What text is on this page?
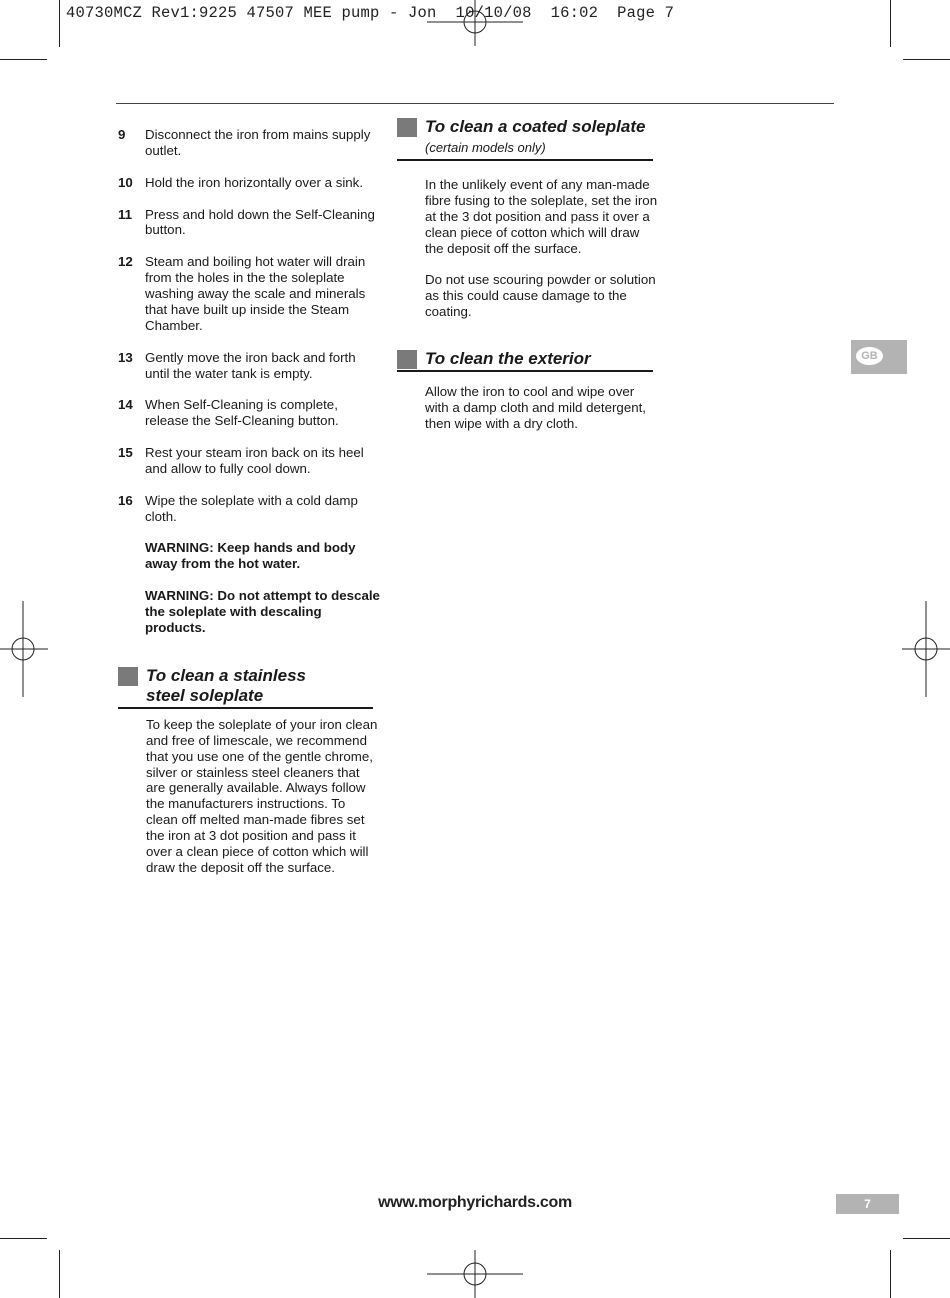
40730MCZ Rev1:9225 47507 MEE pump - Jon  10/10/08  16:02  Page 7
9	Disconnect the iron from mains supply outlet.
10 Hold the iron horizontally over a sink.
11 Press and hold down the Self-Cleaning button.
12 Steam and boiling hot water will drain from the holes in the the soleplate washing away the scale and minerals that have built up inside the Steam Chamber.
13 Gently move the iron back and forth until the water tank is empty.
14 When Self-Cleaning is complete, release the Self-Cleaning button.
15 Rest your steam iron back on its heel and allow to fully cool down.
16 Wipe the soleplate with a cold damp cloth.
WARNING: Keep hands and body away from the hot water.
WARNING: Do not attempt to descale the soleplate with descaling products.
To clean a stainless steel soleplate
To keep the soleplate of your iron clean and free of limescale, we recommend that you use one of the gentle chrome, silver or stainless steel cleaners that are generally available. Always follow the manufacturers instructions. To clean off melted man-made fibres set the iron at 3 dot position and pass it over a clean piece of cotton which will draw the deposit off the surface.
To clean a coated soleplate (certain models only)
In the unlikely event of any man-made fibre fusing to the soleplate, set the iron at the 3 dot position and pass it over a clean piece of cotton which will draw the deposit off the surface.
Do not use scouring powder or solution as this could cause damage to the coating.
To clean the exterior
Allow the iron to cool and wipe over with a damp cloth and mild detergent, then wipe with a dry cloth.
GB
www.morphyrichards.com	7
